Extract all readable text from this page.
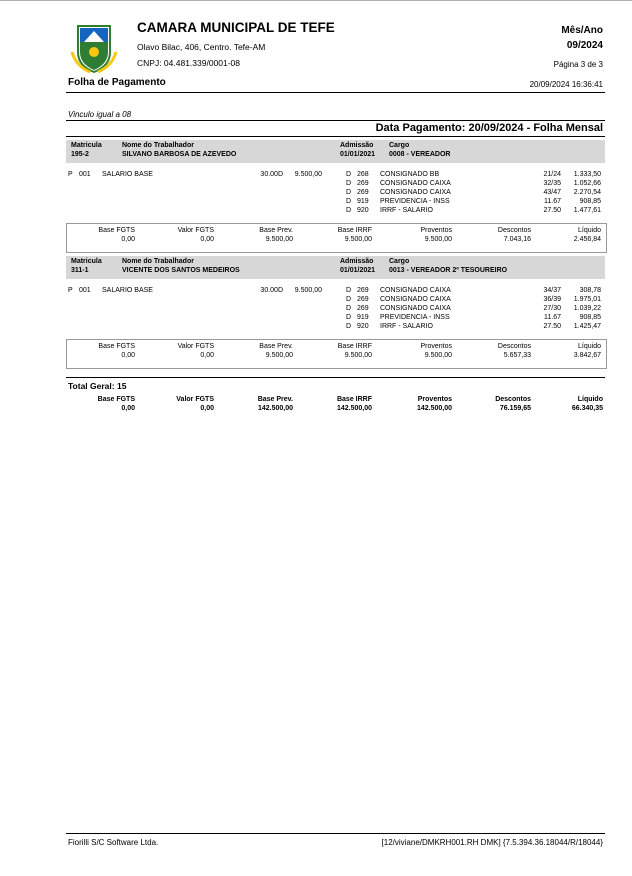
CAMARA MUNICIPAL DE TEFE
Olavo Bilac, 406, Centro. Tefe-AM
CNPJ: 04.481.339/0001-08
Folha de Pagamento
Mês/Ano
09/2024
Página 3 de 3
20/09/2024 16:36:41
Vinculo igual a 08
Data Pagamento: 20/09/2024 - Folha Mensal
Matricula	Nome do Trabalhador	Admissão Cargo
195-2	SILVANO BARBOSA DE AZEVEDO	01/01/2021 0008 - VEREADOR
P 001 SALARIO BASE	30.00D 9.500,00	D 268 CONSIGNADO BB	21/24 1.333,50
D 269 CONSIGNADO CAIXA	32/35 1.052,66
D 269 CONSIGNADO CAIXA	43/47 2.270,54
D 919 PREVIDENCIA - INSS	11.67	908,85
D 920 IRRF - SALARIO	27.50 1.477,61
Base FGTS	Valor FGTS	Base Prev.	Base IRRF	Proventos	Descontos	Líquido
0,00	0,00	9.500,00	9.500,00	9.500,00	7.043,16	2.456,84
Matricula	Nome do Trabalhador	Admissão Cargo
311-1	VICENTE DOS SANTOS MEDEIROS	01/01/2021 0013 - VEREADOR 2º TESOUREIRO
P 001 SALARIO BASE	30.00D 9.500,00	D 269 CONSIGNADO CAIXA	34/37	308,78
D 269 CONSIGNADO CAIXA	36/39 1.975,01
D 269 CONSIGNADO CAIXA	27/30 1.039,22
D 919 PREVIDENCIA - INSS	11.67	908,85
D 920 IRRF - SALARIO	27.50 1.425,47
Base FGTS	Valor FGTS	Base Prev.	Base IRRF	Proventos	Descontos	Líquido
0,00	0,00	9.500,00	9.500,00	9.500,00	5.657,33	3.842,67
Total Geral: 15
Base FGTS	Valor FGTS	Base Prev.	Base IRRF	Proventos	Descontos	Líquido
0,00	0,00	142.500,00	142.500,00	142.500,00	76.159,65	66.340,35
Fiorilli S/C Software Ltda.	[12/viviane/DMKRH001.RH DMK] {7.5.394.36.18044/R/18044}
